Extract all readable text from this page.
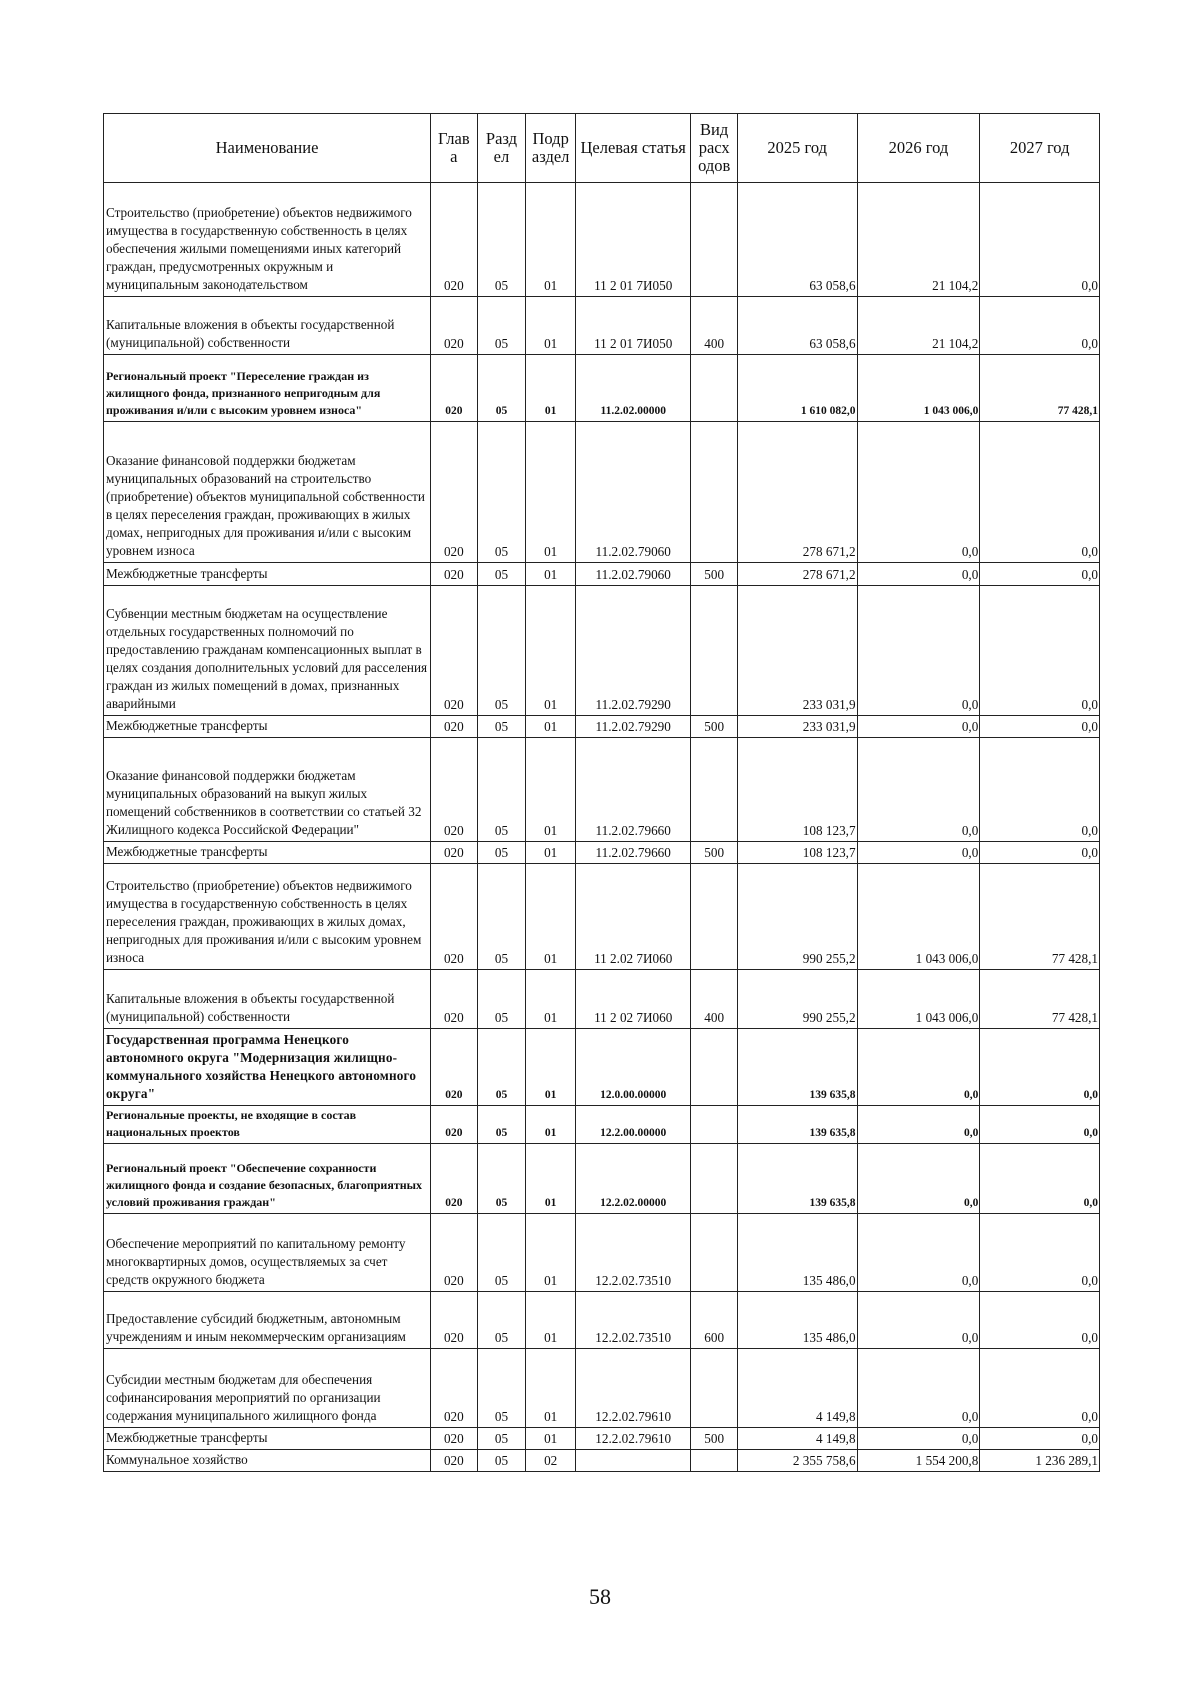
Наименование	Глав а	Разд ел	Подр аздел	Целевая статья	Вид расх одов	2025 год	2026 год	2027 год

Строительство (приобретение) объектов недвижимого имущества в государственную собственность в целях обеспечения жилыми помещениями иных категорий граждан, предусмотренных окружным и муниципальным законодательством	020	05	01	11 2 01 7И050		63 058,6	21 104,2	0,0

Капитальные вложения в объекты государственной (муниципальной) собственности	020	05	01	11 2 01 7И050	400	63 058,6	21 104,2	0,0

Региональный проект "Переселение граждан из жилищного фонда, признанного непригодным для проживания и/или с высоким уровнем износа"	020	05	01	11.2.02.00000		1 610 082,0	1 043 006,0	77 428,1

Оказание финансовой поддержки бюджетам муниципальных образований на строительство (приобретение) объектов муниципальной собственности в целях переселения граждан, проживающих в жилых домах, непригодных для проживания и/или с высоким уровнем износа	020	05	01	11.2.02.79060		278 671,2	0,0	0,0

Межбюджетные трансферты	020	05	01	11.2.02.79060	500	278 671,2	0,0	0,0

Субвенции местным бюджетам на осуществление отдельных государственных полномочий по предоставлению гражданам компенсационных выплат в целях создания дополнительных условий для расселения граждан из жилых помещений в домах, признанных аварийными	020	05	01	11.2.02.79290		233 031,9	0,0	0,0

Межбюджетные трансферты	020	05	01	11.2.02.79290	500	233 031,9	0,0	0,0

Оказание финансовой поддержки бюджетам муниципальных образований на выкуп жилых помещений собственников в соответствии со статьей 32 Жилищного кодекса Российской Федерации"	020	05	01	11.2.02.79660		108 123,7	0,0	0,0

Межбюджетные трансферты	020	05	01	11.2.02.79660	500	108 123,7	0,0	0,0

Строительство (приобретение) объектов недвижимого имущества в государственную собственность в целях переселения граждан, проживающих в жилых домах, непригодных для проживания и/или с высоким уровнем износа	020	05	01	11 2.02 7И060		990 255,2	1 043 006,0	77 428,1

Капитальные вложения в объекты государственной (муниципальной) собственности	020	05	01	11 2 02 7И060	400	990 255,2	1 043 006,0	77 428,1

Государственная программа Ненецкого автономного округа "Модернизация жилищно-коммунального хозяйства Ненецкого автономного округа"	020	05	01	12.0.00.00000		139 635,8	0,0	0,0

Региональные проекты, не входящие в состав национальных проектов	020	05	01	12.2.00.00000		139 635,8	0,0	0,0

Региональный проект "Обеспечение сохранности жилищного фонда и создание безопасных, благоприятных условий проживания граждан"	020	05	01	12.2.02.00000		139 635,8	0,0	0,0

Обеспечение мероприятий по капитальному ремонту многоквартирных домов, осуществляемых за счет средств окружного бюджета	020	05	01	12.2.02.73510		135 486,0	0,0	0,0

Предоставление субсидий бюджетным, автономным учреждениям и иным некоммерческим организациям	020	05	01	12.2.02.73510	600	135 486,0	0,0	0,0

Субсидии местным бюджетам для обеспечения софинансирования мероприятий по организации содержания муниципального жилищного фонда	020	05	01	12.2.02.79610		4 149,8	0,0	0,0

Межбюджетные трансферты	020	05	01	12.2.02.79610	500	4 149,8	0,0	0,0

Коммунальное хозяйство	020	05	02			2 355 758,6	1 554 200,8	1 236 289,1
58
